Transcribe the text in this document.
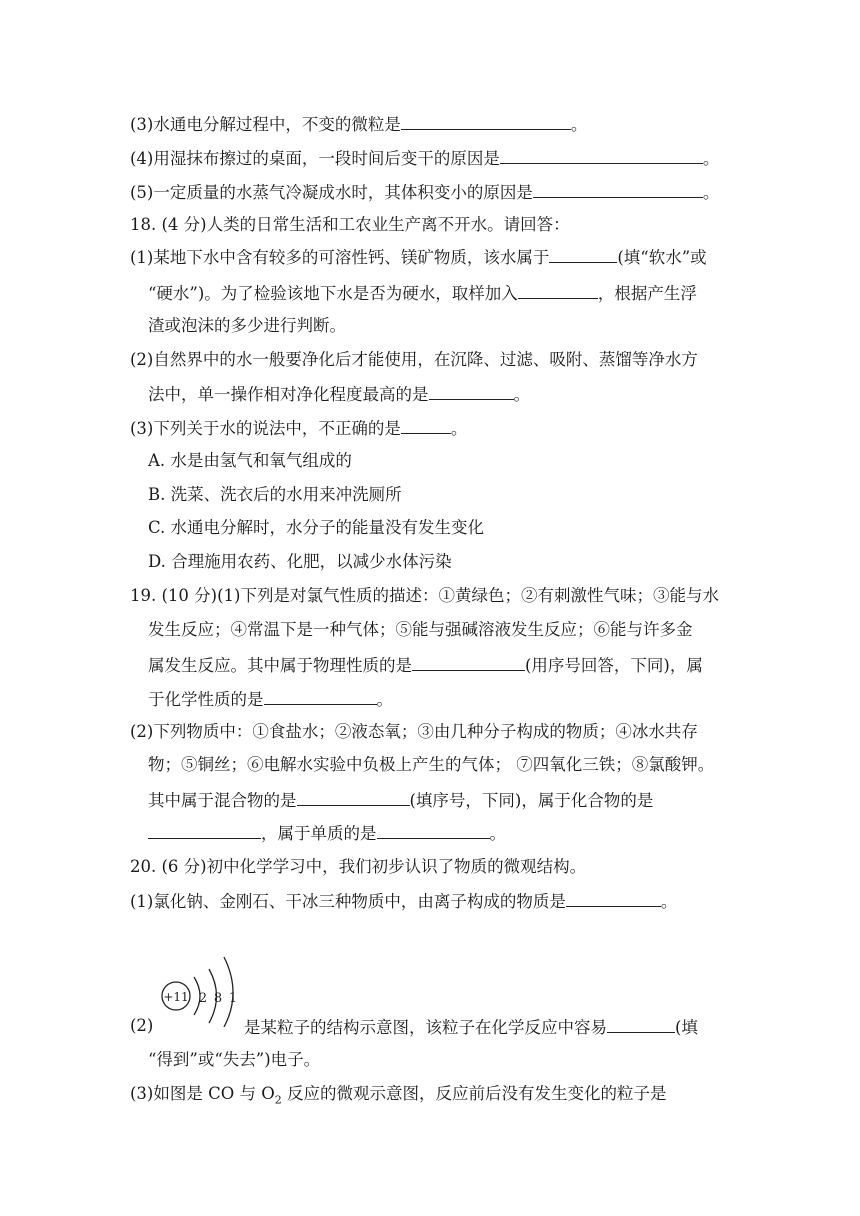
(3)水通电分解过程中，不变的微粒是	。
(4)用湿抹布擦过的桌面，一段时间后变干的原因是	。
(5)一定质量的水蒸气冷凝成水时，其体积变小的原因是	。
18. (4 分)人类的日常生活和工农业生产离不开水。请回答：
(1)某地下水中含有较多的可溶性钙、镁矿物质，该水属于	(填“软水”或
“硬水”)。为了检验该地下水是否为硬水，取样加入	，根据产生浮
渣或泡沫的多少进行判断。
(2)自然界中的水一般要净化后才能使用，在沉降、过滤、吸附、蒸馏等净水方
法中，单一操作相对净化程度最高的是	。
(3)下列关于水的说法中，不正确的是	。
A. 水是由氢气和氧气组成的
B. 洗菜、洗衣后的水用来冲洗厕所
C. 水通电分解时，水分子的能量没有发生变化
D. 合理施用农药、化肥，以减少水体污染
19. (10 分)(1)下列是对氯气性质的描述：①黄绿色；②有刺激性气味；③能与水
发生反应；④常温下是一种气体；⑤能与强碱溶液发生反应；⑥能与许多金
属发生反应。其中属于物理性质的是	(用序号回答，下同)，属
于化学性质的是	。
(2)下列物质中：①食盐水；②液态氧；③由几种分子构成的物质；④冰水共存
物；⑤铜丝；⑥电解水实验中负极上产生的气体； ⑦四氧化三铁；⑧氯酸钾。
其中属于混合物的是	(填序号，下同)，属于化合物的是
，属于单质的是	。
20. (6 分)初中化学学习中，我们初步认识了物质的微观结构。
(1)氯化钠、金刚石、干冰三种物质中，由离子构成的物质是	。
+11 2 8 1
(2)	是某粒子的结构示意图，该粒子在化学反应中容易	(填
“得到”或“失去”)电子。
(3)如图是 CO 与 $O_2$ 反应的微观示意图，反应前后没有发生变化的粒子是
